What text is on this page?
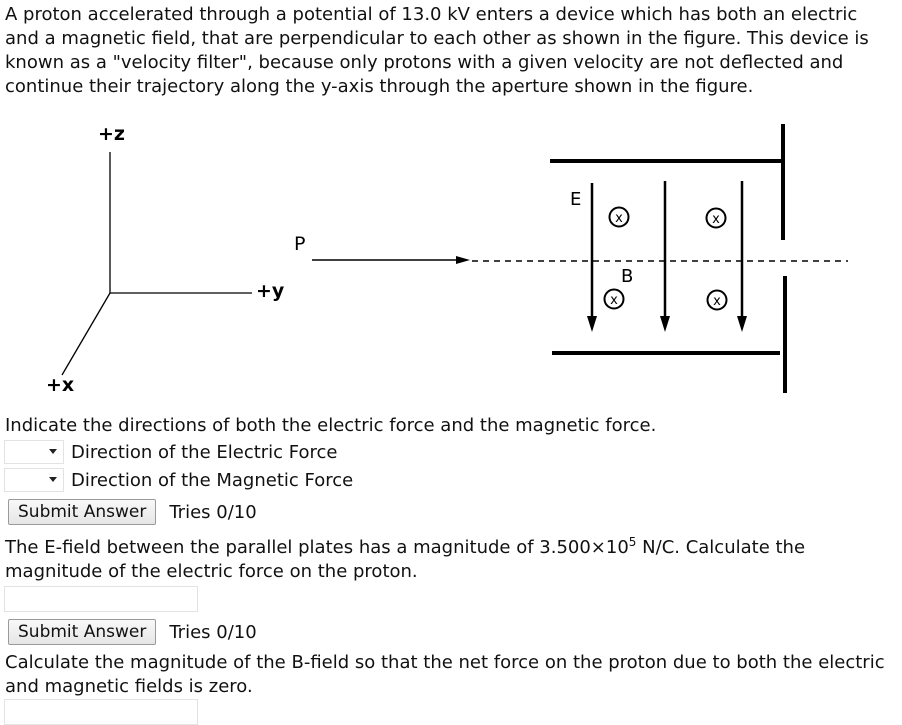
A proton accelerated through a potential of 13.0 kV enters a device which has both an electric and a magnetic field, that are perpendicular to each other as shown in the figure. This device is known as a "velocity filter", because only protons with a given velocity are not deflected and continue their trajectory along the y-axis through the aperture shown in the figure.

+z
+y
+x
P
E
B
x	x
x	x

Indicate the directions of both the electric force and the magnetic force.

Direction of the Electric Force
Direction of the Magnetic Force
Submit Answer	Tries 0/10

The E-field between the parallel plates has a magnitude of $3.500\times 10^5$ N/C. Calculate the magnitude of the electric force on the proton.

Submit Answer	Tries 0/10

Calculate the magnitude of the B-field so that the net force on the proton due to both the electric and magnetic fields is zero.
